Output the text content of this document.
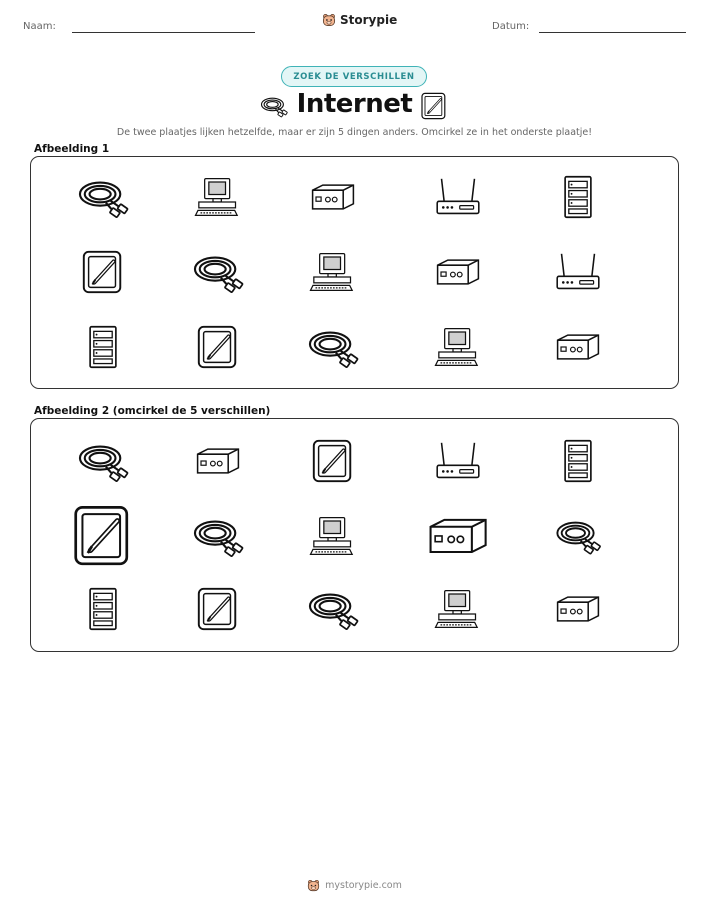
Naam:	Storypie	Datum:
ZOEK DE VERSCHILLEN
Internet
De twee plaatjes lijken hetzelfde, maar er zijn 5 dingen anders. Omcirkel ze in het onderste plaatje!
Afbeelding 1
Afbeelding 2 (omcirkel de 5 verschillen)
mystorypie.com
